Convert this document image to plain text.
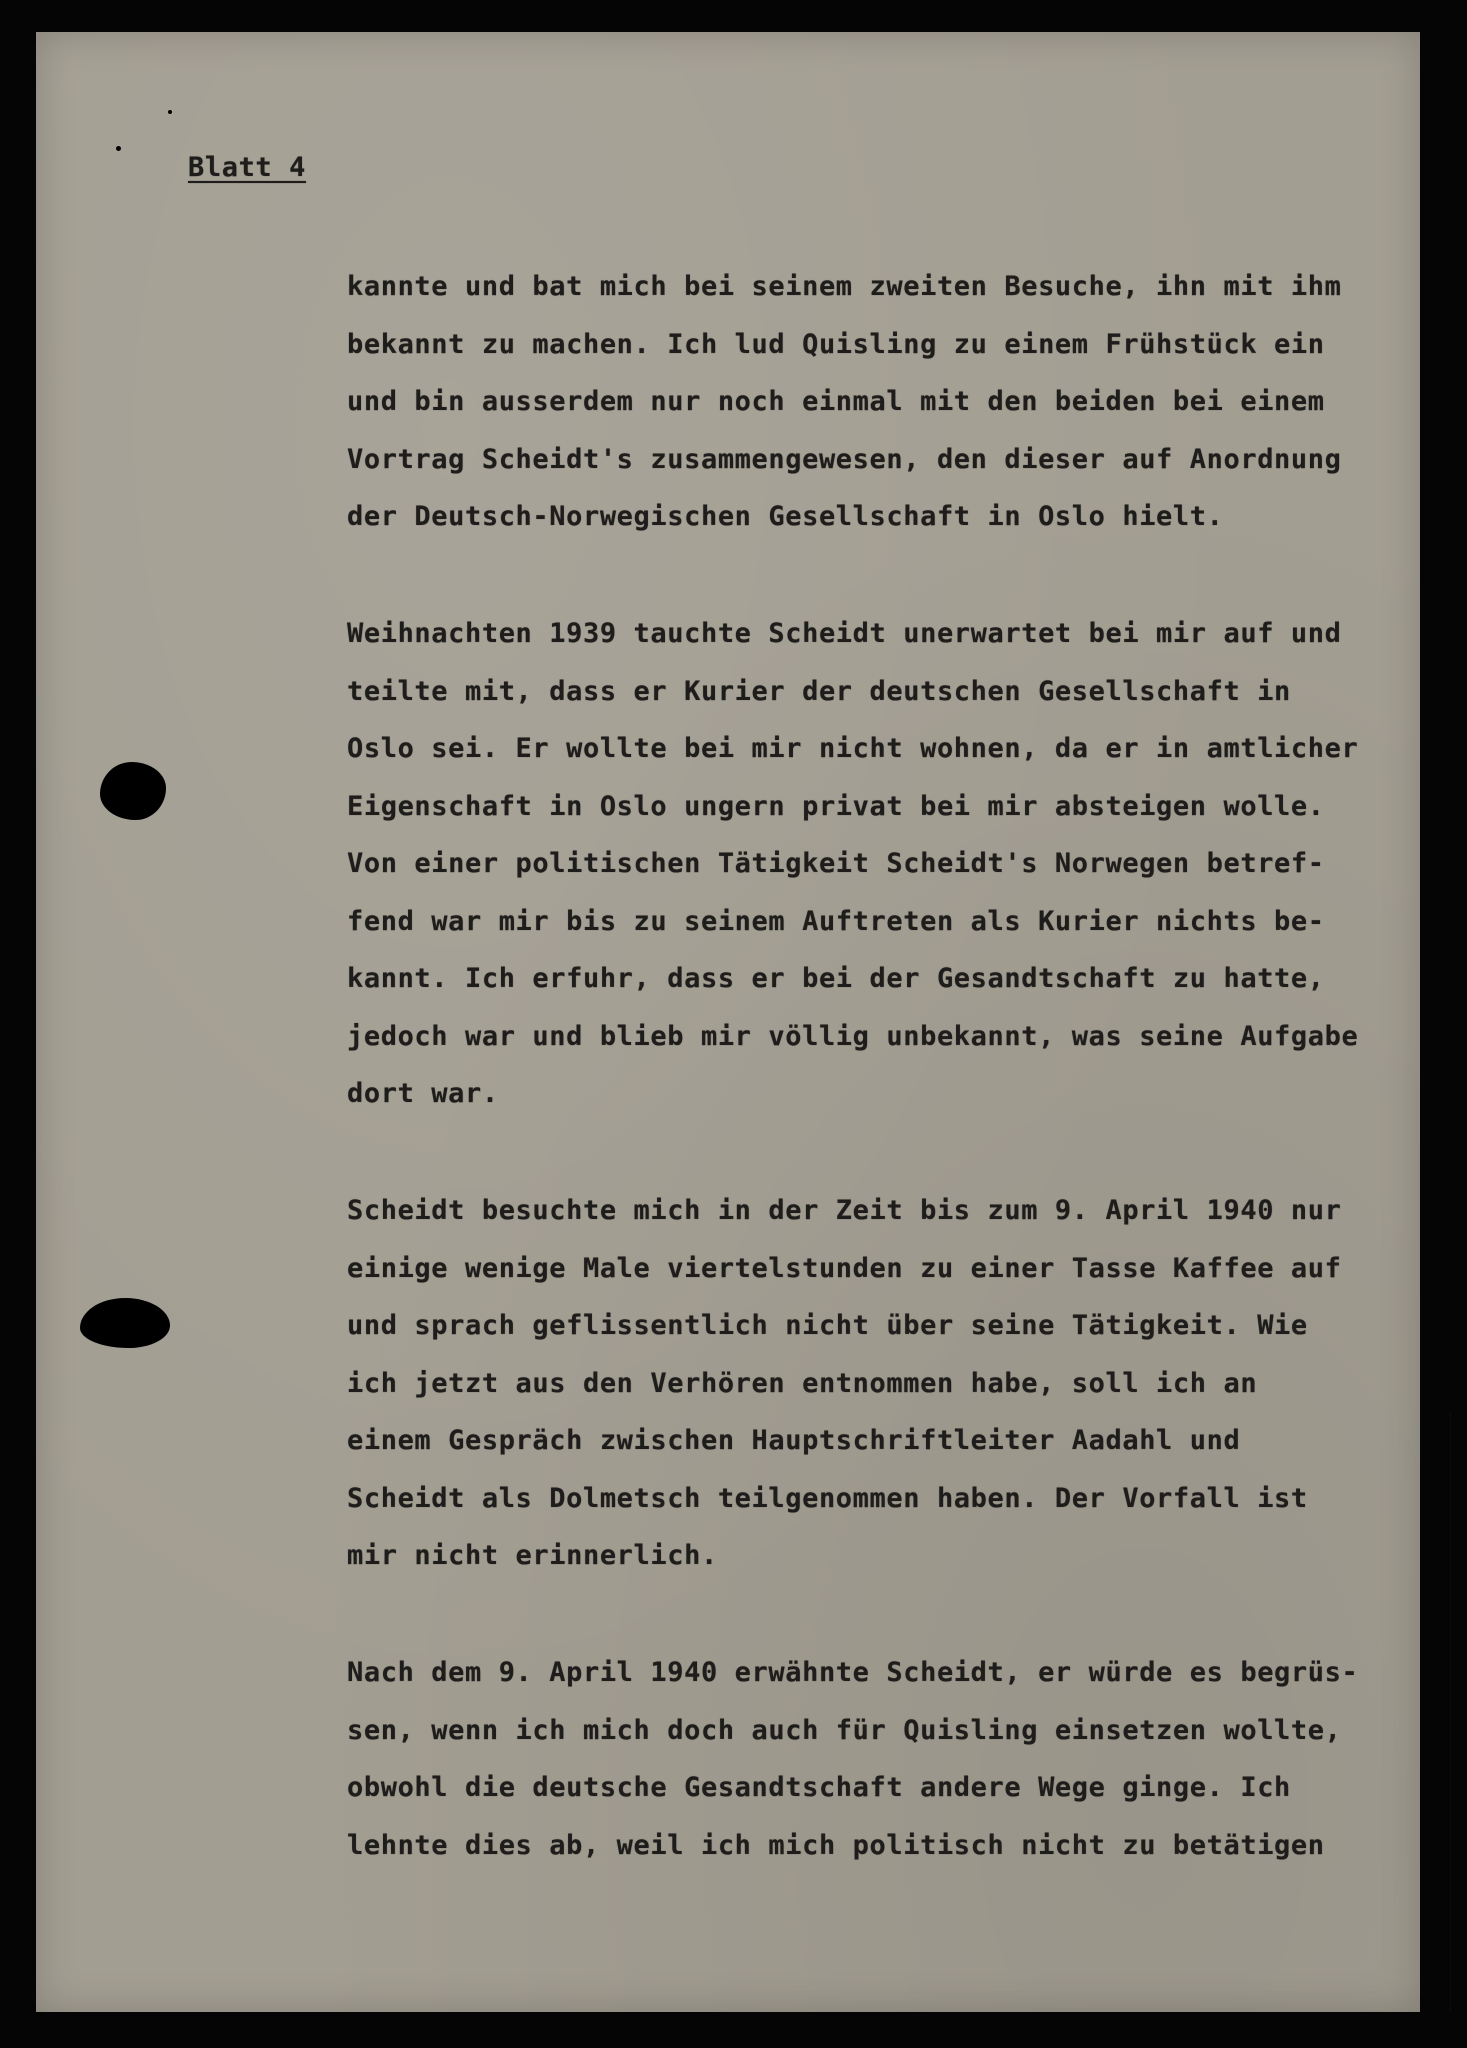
Blatt 4

kannte und bat mich bei seinem zweiten Besuche, ihn mit ihm
bekannt zu machen. Ich lud Quisling zu einem Frühstück ein
und bin ausserdem nur noch einmal mit den beiden bei einem
Vortrag Scheidt's zusammengewesen, den dieser auf Anordnung
der Deutsch-Norwegischen Gesellschaft in Oslo hielt.
Weihnachten 1939 tauchte Scheidt unerwartet bei mir auf und
teilte mit, dass er Kurier der deutschen Gesellschaft in
Oslo sei. Er wollte bei mir nicht wohnen, da er in amtlicher
Eigenschaft in Oslo ungern privat bei mir absteigen wolle.
Von einer politischen Tätigkeit Scheidt's Norwegen betref-
fend war mir bis zu seinem Auftreten als Kurier nichts be-
kannt. Ich erfuhr, dass er bei der Gesandtschaft zu hatte,
jedoch war und blieb mir völlig unbekannt, was seine Aufgabe
dort war.
Scheidt besuchte mich in der Zeit bis zum 9. April 1940 nur
einige wenige Male viertelstunden zu einer Tasse Kaffee auf
und sprach geflissentlich nicht über seine Tätigkeit. Wie
ich jetzt aus den Verhören entnommen habe, soll ich an
einem Gespräch zwischen Hauptschriftleiter Aadahl und
Scheidt als Dolmetsch teilgenommen haben. Der Vorfall ist
mir nicht erinnerlich.
Nach dem 9. April 1940 erwähnte Scheidt, er würde es begrüs-
sen, wenn ich mich doch auch für Quisling einsetzen wollte,
obwohl die deutsche Gesandtschaft andere Wege ginge. Ich
lehnte dies ab, weil ich mich politisch nicht zu betätigen
